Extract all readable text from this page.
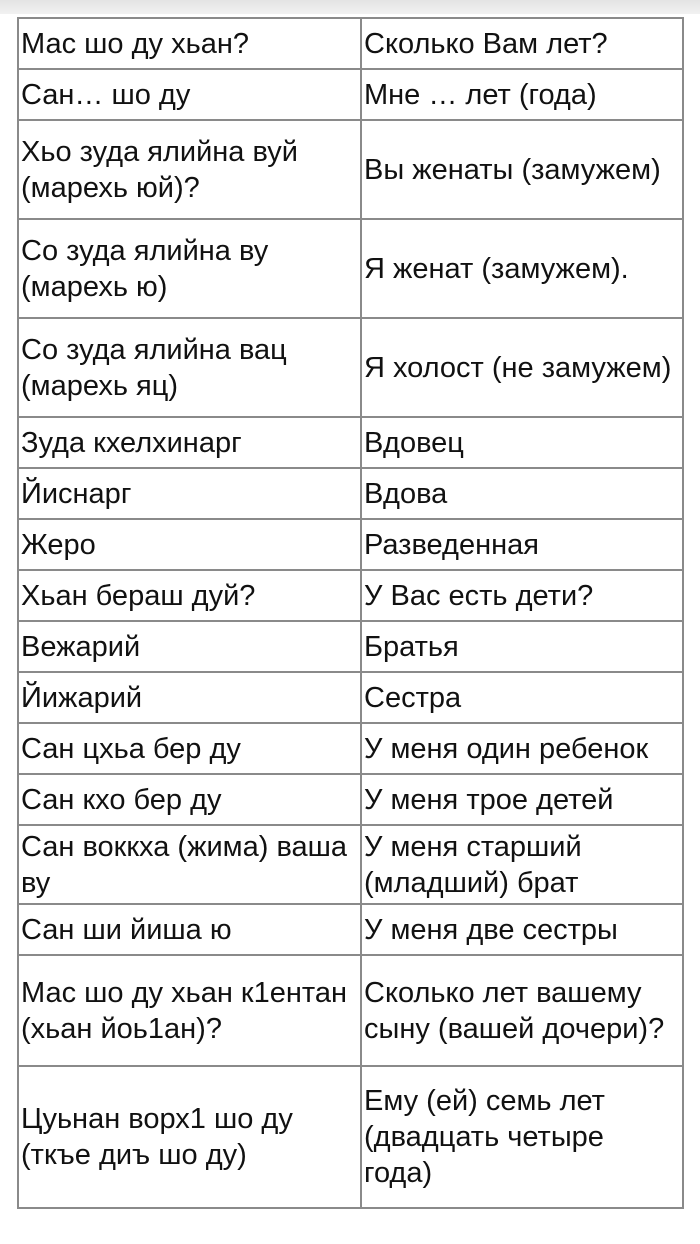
Мас шо ду хьан?	Сколько Вам лет?
Сан… шо ду	Мне … лет (года)
Хьо зуда ялийна вуй (марехь юй)?	Вы женаты (замужем)
Со зуда ялийна ву (марехь ю)	Я женат (замужем).
Со зуда ялийна вац (марехь яц)	Я холост (не замужем)
Зуда кхелхинарг	Вдовец
Йиснарг	Вдова
Жеро	Разведенная
Хьан бераш дуй?	У Вас есть дети?
Вежарий	Братья
Йижарий	Сестра
Сан цхьа бер ду	У меня один ребенок
Сан кхо бер ду	У меня трое детей
Сан воккха (жима) ваша ву	У меня старший (младший) брат
Сан ши йиша ю	У меня две сестры
Мас шо ду хьан к1ентан (хьан йоь1ан)?	Сколько лет вашему сыну (вашей дочери)?
Цуьнан ворх1 шо ду (ткъе диъ шо ду)	Ему (ей) семь лет (двадцать четыре года)
